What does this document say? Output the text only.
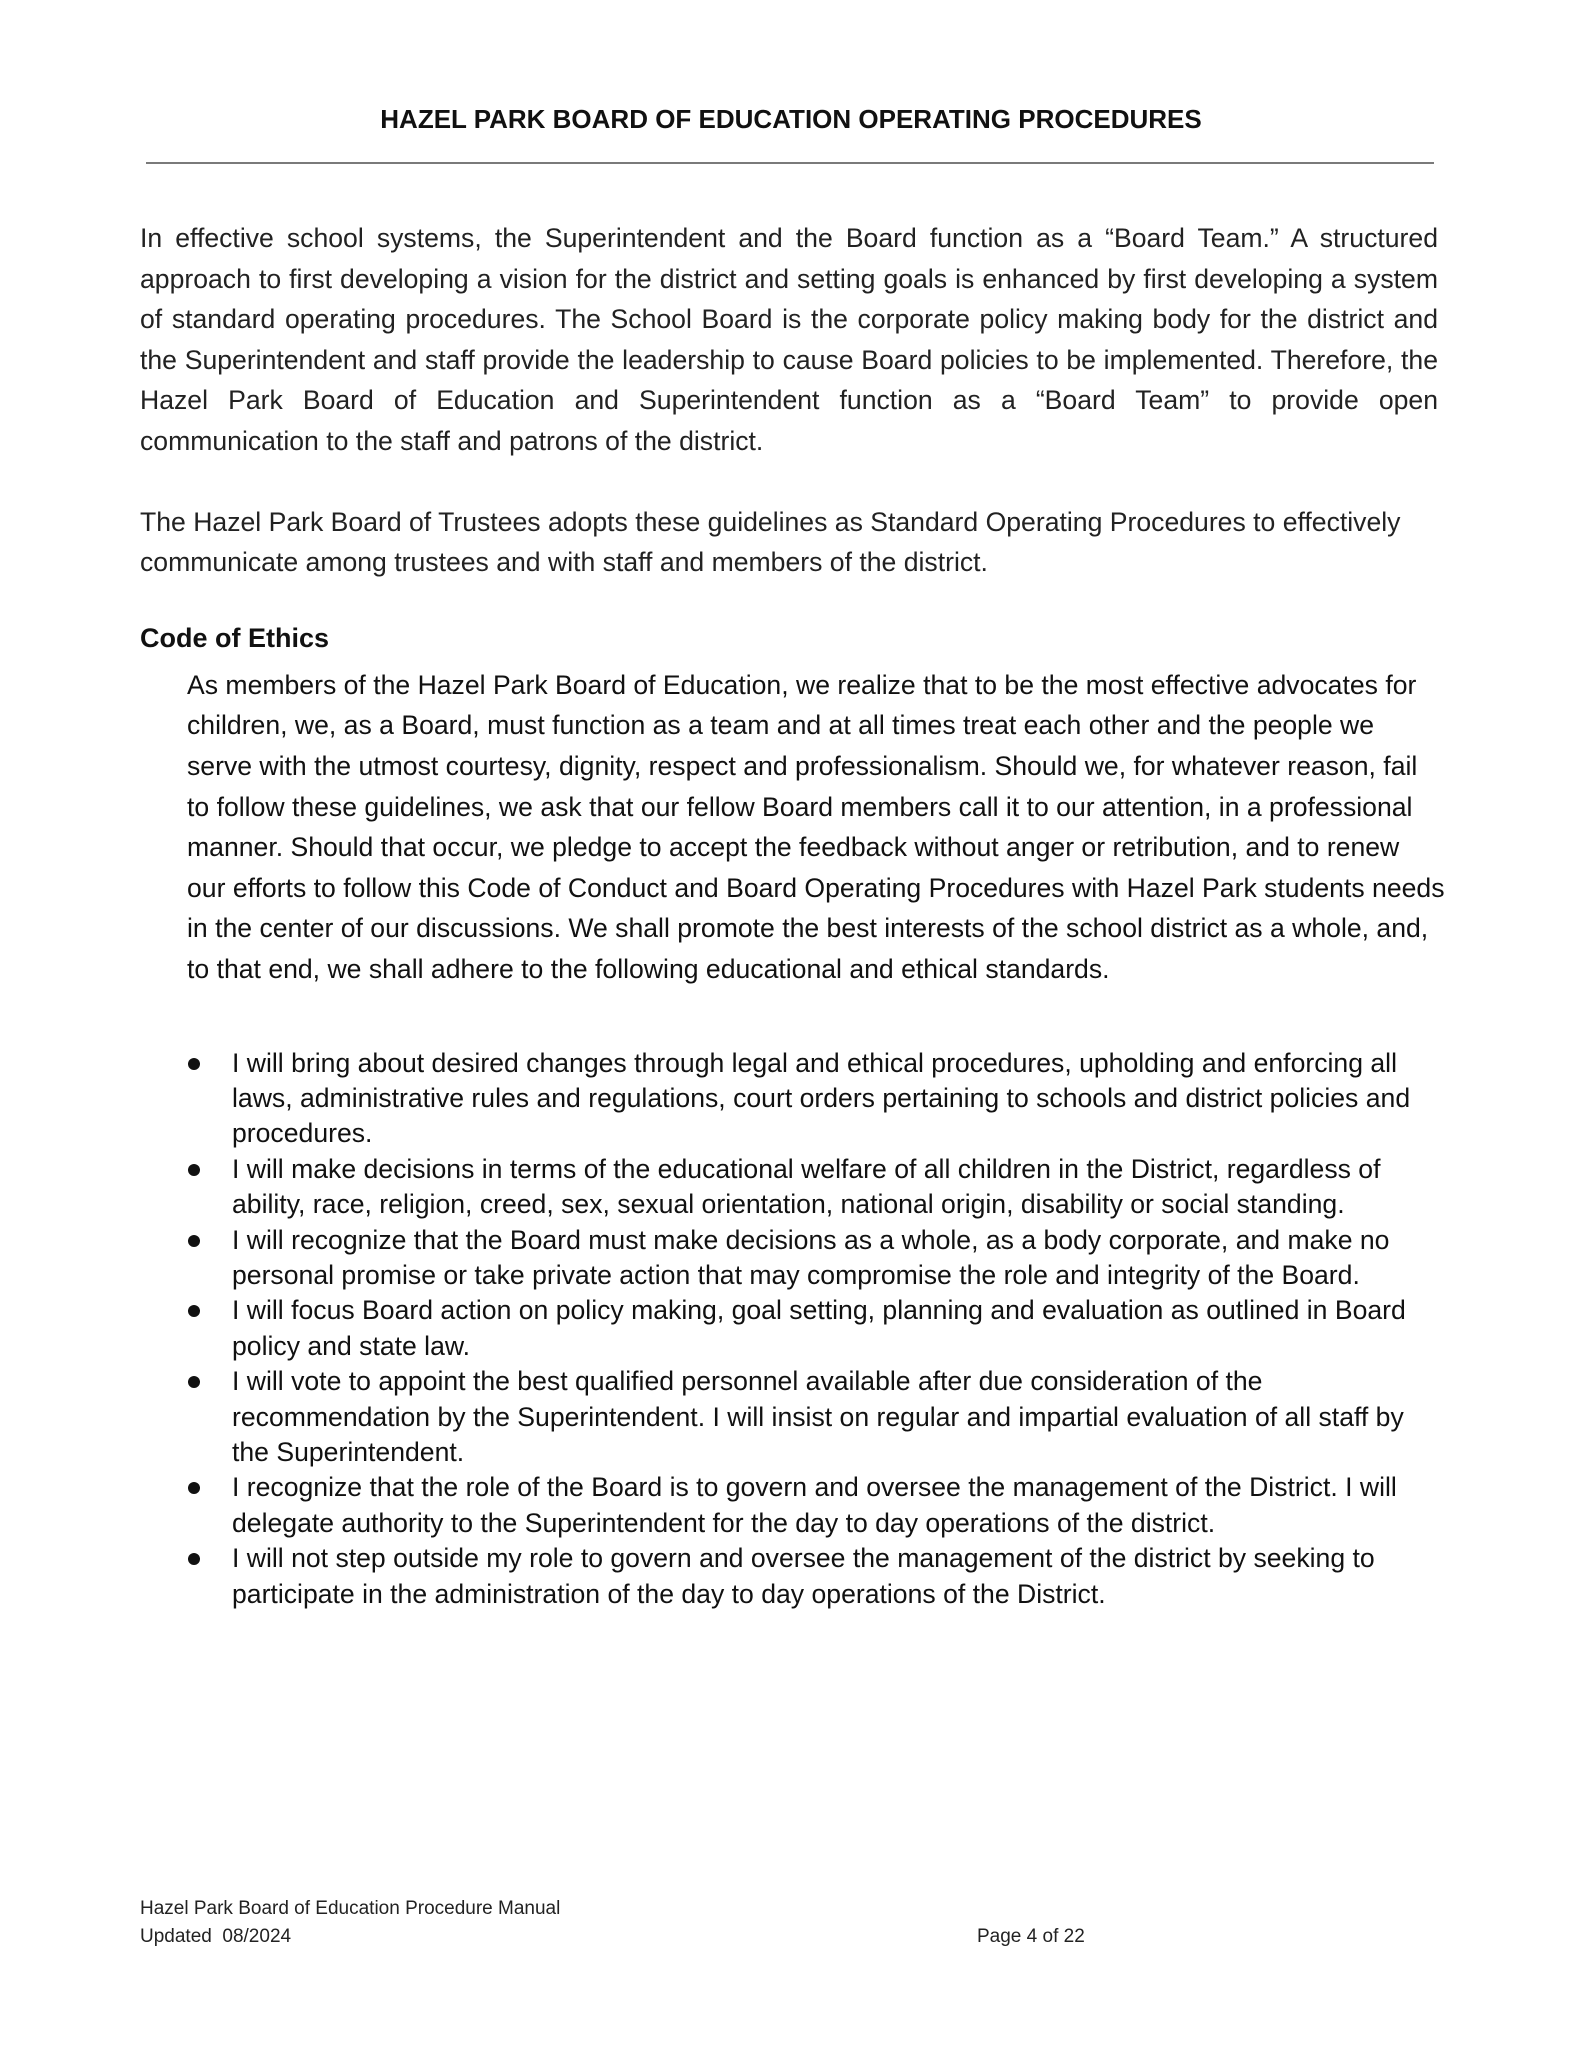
HAZEL PARK BOARD OF EDUCATION OPERATING PROCEDURES

In effective school systems, the Superintendent and the Board function as a “Board Team.” A structured approach to first developing a vision for the district and setting goals is enhanced by first developing a system of standard operating procedures. The School Board is the corporate policy making body for the district and the Superintendent and staff provide the leadership to cause Board policies to be implemented. Therefore, the Hazel Park Board of Education and Superintendent function as a “Board Team” to provide open communication to the staff and patrons of the district.

The Hazel Park Board of Trustees adopts these guidelines as Standard Operating Procedures to effectively communicate among trustees and with staff and members of the district.

Code of Ethics

As members of the Hazel Park Board of Education, we realize that to be the most effective advocates for children, we, as a Board, must function as a team and at all times treat each other and the people we serve with the utmost courtesy, dignity, respect and professionalism. Should we, for whatever reason, fail to follow these guidelines, we ask that our fellow Board members call it to our attention, in a professional manner. Should that occur, we pledge to accept the feedback without anger or retribution, and to renew our efforts to follow this Code of Conduct and Board Operating Procedures with Hazel Park students needs in the center of our discussions. We shall promote the best interests of the school district as a whole, and, to that end, we shall adhere to the following educational and ethical standards.

I will bring about desired changes through legal and ethical procedures, upholding and enforcing all laws, administrative rules and regulations, court orders pertaining to schools and district policies and procedures.
I will make decisions in terms of the educational welfare of all children in the District, regardless of ability, race, religion, creed, sex, sexual orientation, national origin, disability or social standing.
I will recognize that the Board must make decisions as a whole, as a body corporate, and make no personal promise or take private action that may compromise the role and integrity of the Board.
I will focus Board action on policy making, goal setting, planning and evaluation as outlined in Board policy and state law.
I will vote to appoint the best qualified personnel available after due consideration of the recommendation by the Superintendent. I will insist on regular and impartial evaluation of all staff by the Superintendent.
I recognize that the role of the Board is to govern and oversee the management of the District. I will delegate authority to the Superintendent for the day to day operations of the district.
I will not step outside my role to govern and oversee the management of the district by seeking to participate in the administration of the day to day operations of the District.
Hazel Park Board of Education Procedure Manual
Updated  08/2024	Page 4 of 22
